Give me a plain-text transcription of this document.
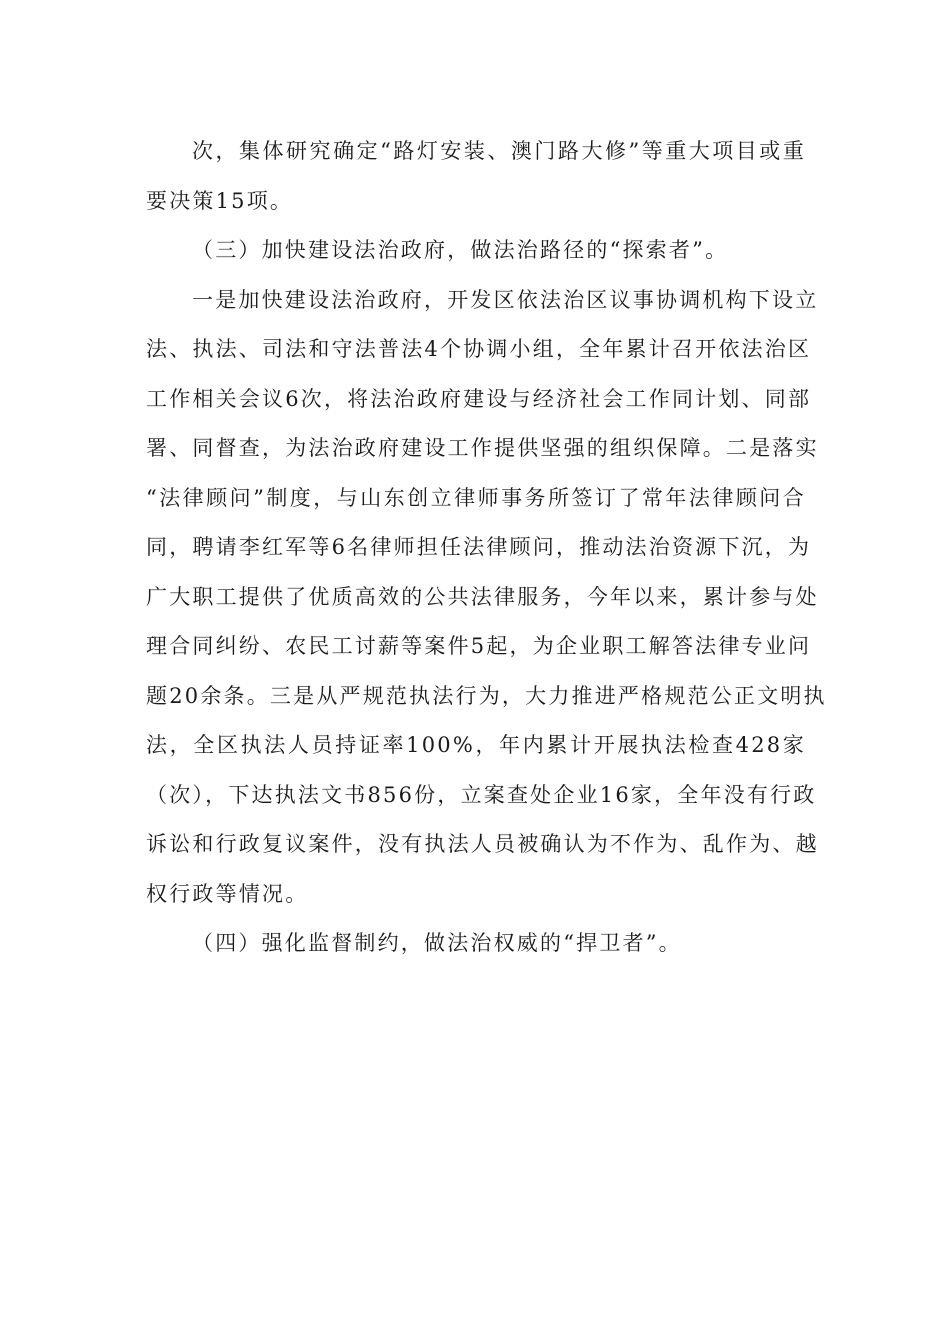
次，集体研究确定“路灯安装、澳门路大修”等重大项目或重
要决策15项。
（三）加快建设法治政府，做法治路径的“探索者”。
一是加快建设法治政府，开发区依法治区议事协调机构下设立
法、执法、司法和守法普法4个协调小组，全年累计召开依法治区
工作相关会议6次，将法治政府建设与经济社会工作同计划、同部
署、同督查，为法治政府建设工作提供坚强的组织保障。二是落实
“法律顾问”制度，与山东创立律师事务所签订了常年法律顾问合
同，聘请李红军等6名律师担任法律顾问，推动法治资源下沉，为
广大职工提供了优质高效的公共法律服务，今年以来，累计参与处
理合同纠纷、农民工讨薪等案件5起，为企业职工解答法律专业问
题20余条。三是从严规范执法行为，大力推进严格规范公正文明执
法，全区执法人员持证率100%，年内累计开展执法检查428家
（次），下达执法文书856份，立案查处企业16家，全年没有行政
诉讼和行政复议案件，没有执法人员被确认为不作为、乱作为、越
权行政等情况。
（四）强化监督制约，做法治权威的“捍卫者”。
